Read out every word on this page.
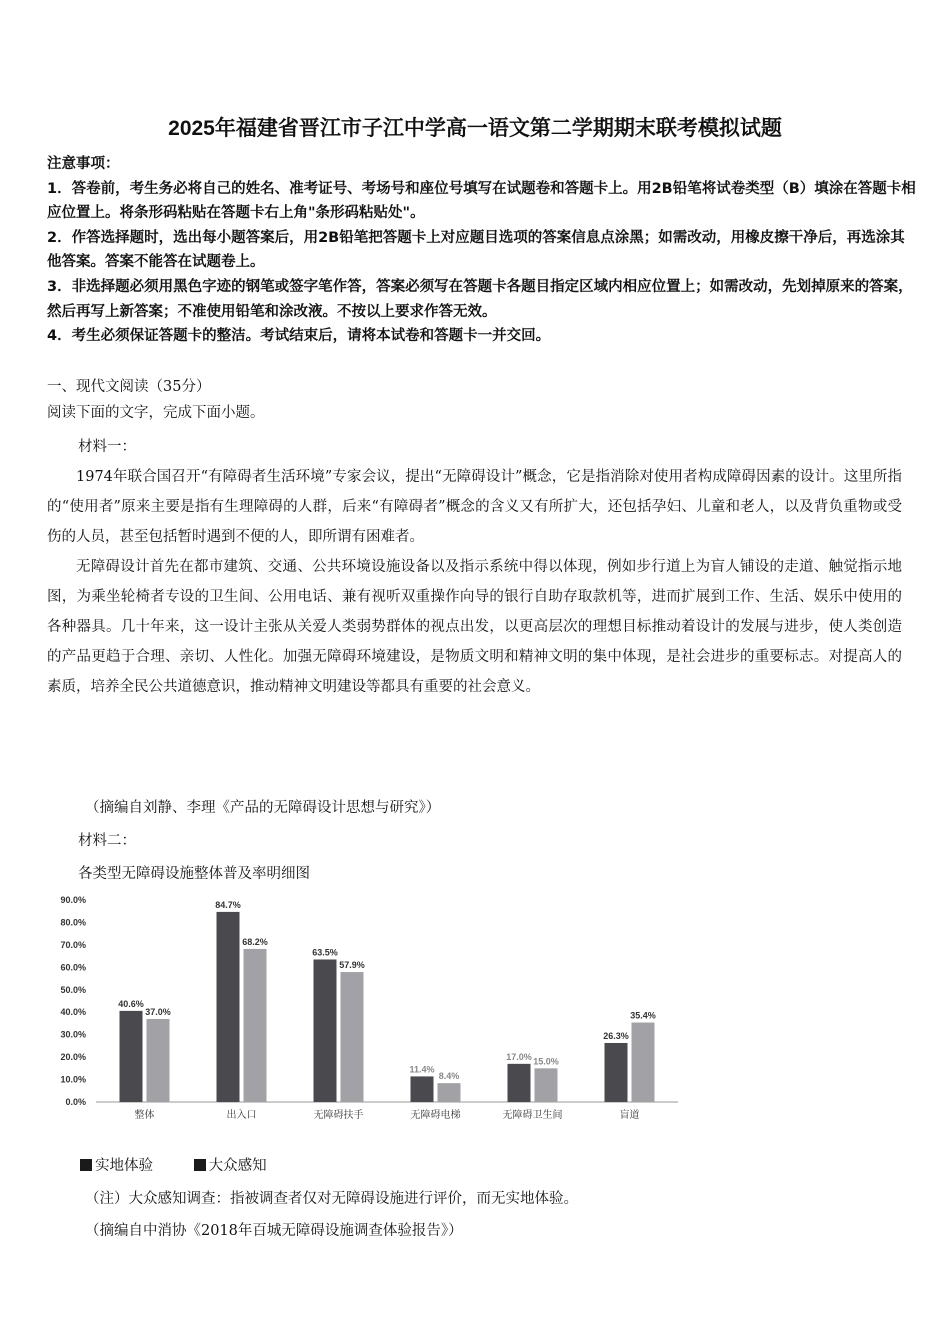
2025年福建省晋江市子江中学高一语文第二学期期末联考模拟试题

注意事项：

1．答卷前，考生务必将自己的姓名、准考证号、考场号和座位号填写在试题卷和答题卡上。用2B铅笔将试卷类型（B）填涂在答题卡相应位置上。将条形码粘贴在答题卡右上角"条形码粘贴处"。

2．作答选择题时，选出每小题答案后，用2B铅笔把答题卡上对应题目选项的答案信息点涂黑；如需改动，用橡皮擦干净后，再选涂其他答案。答案不能答在试题卷上。

3．非选择题必须用黑色字迹的钢笔或签字笔作答，答案必须写在答题卡各题目指定区域内相应位置上；如需改动，先划掉原来的答案，然后再写上新答案；不准使用铅笔和涂改液。不按以上要求作答无效。

4．考生必须保证答题卡的整洁。考试结束后，请将本试卷和答题卡一并交回。

一、现代文阅读（35分）
阅读下面的文字，完成下面小题。
材料一：

1974年联合国召开“有障碍者生活环境”专家会议，提出“无障碍设计”概念，它是指消除对使用者构成障碍因素的设计。这里所指的“使用者”原来主要是指有生理障碍的人群，后来“有障碍者”概念的含义又有所扩大，还包括孕妇、儿童和老人，以及背负重物或受伤的人员，甚至包括暂时遇到不便的人，即所谓有困难者。

无障碍设计首先在都市建筑、交通、公共环境设施设备以及指示系统中得以体现，例如步行道上为盲人铺设的走道、触觉指示地图，为乘坐轮椅者专设的卫生间、公用电话、兼有视听双重操作向导的银行自助存取款机等，进而扩展到工作、生活、娱乐中使用的各种器具。几十年来，这一设计主张从关爱人类弱势群体的视点出发，以更高层次的理想目标推动着设计的发展与进步，使人类创造的产品更趋于合理、亲切、人性化。加强无障碍环境建设，是物质文明和精神文明的集中体现，是社会进步的重要标志。对提高人的素质，培养全民公共道德意识，推动精神文明建设等都具有重要的社会意义。

（摘编自刘静、李理《产品的无障碍设计思想与研究》）
材料二：
各类型无障碍设施整体普及率明细图
0.0%
10.0%
20.0%
30.0%
40.0%
50.0%
60.0%
70.0%
80.0%
90.0%
40.6%
37.0%
整体
84.7%
68.2%
出入口
63.5%
57.9%
无障碍扶手
11.4%
8.4%
无障碍电梯
17.0% 15.0%
无障碍卫生间
26.3%
35.4%
盲道
实地体验	大众感知
（注）大众感知调查：指被调查者仅对无障碍设施进行评价，而无实地体验。
（摘编自中消协《2018年百城无障碍设施调查体验报告》）
